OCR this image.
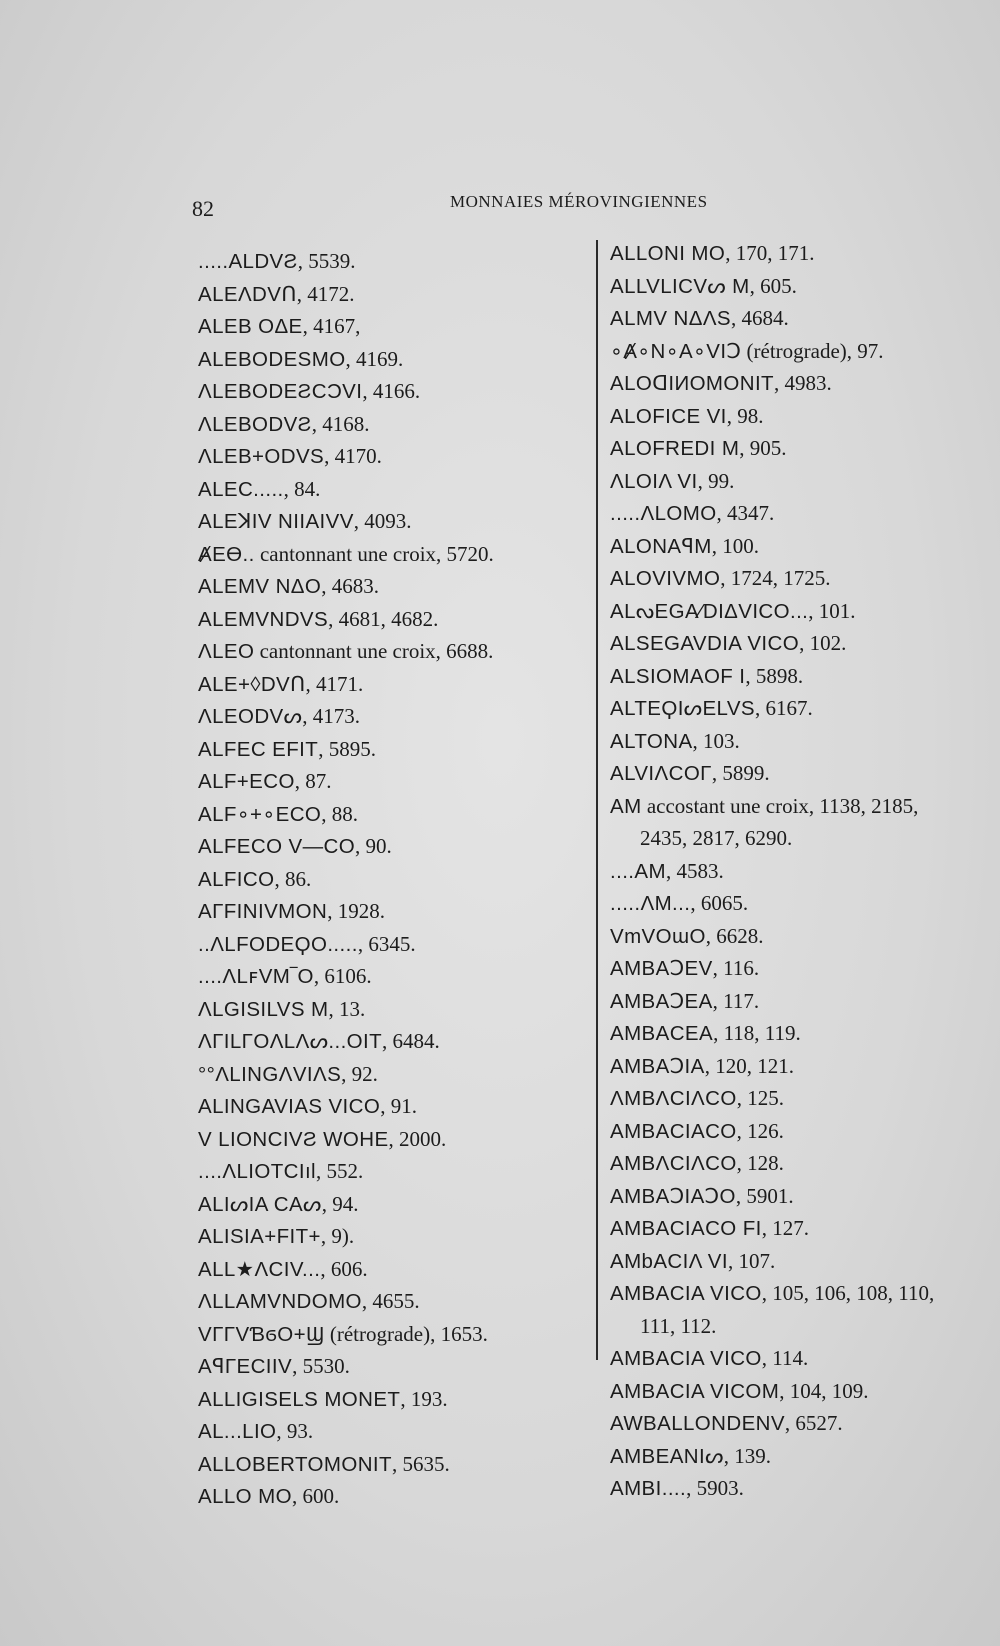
82	MONNAIES MÉROVINGIENNES
.....ALDVƧ, 5539.
ALEΛDVՈ, 4172.
ALEB OΔE, 4167,
ALEBODESMO, 4169.
ΛLEBODEƧϹϽVI, 4166.
ΛLEBODVƧ, 4168.
ΛLEB+ODVS, 4170.
ALEC....., 84.
ALEꓘIV NIIAIVV, 4093.
ȺEϴ.. cantonnant une croix, 5720.
ALEMV NΔO, 4683.
ALEMVNDVS, 4681, 4682.
ΛLEO cantonnant une croix, 6688.
ALE+◊DVՈ, 4171.
ΛLEODVᔕ, 4173.
ALFEC EFIT, 5895.
ALF+ECO, 87.
ALF∘+∘ECO, 88.
ALFECO V—CO, 90.
ALFICO, 86.
AΓFINIVMON, 1928.
..ΛLFODEϘO....., 6345.
....ΛLꜰVM‾O, 6106.
ΛLGISILVS M, 13.
ΛΓILΓOΛLΛᔕ...OIT, 6484.
°°ΛLINGΛVIΛS, 92.
ALINGAVIAS VICO, 91.
V LIONCIVƧ WOHE, 2000.
....ΛLIOTCIıl, 552.
ALIᔕIA CAᔕ, 94.
ALISIA+FIT+, 9).
ALL★ΛCIV..., 606.
ΛLLAMVNDOMO, 4655.
VΓΓVƁϭO+Ϣ (rétrograde), 1653.
AꟼΓECIIV, 5530.
ALLIGISELS MONET, 193.
AL...LIO, 93.
ALLOBERTOMONIT, 5635.
ALLO MO, 600.
ALLONI MO, 170, 171.
ALLVLICVᔕ M, 605.
ALMV NΔΛS, 4684.
∘Ⱥ∘N∘A∘VIꓛ (rétrograde), 97.
ALOꓷIИOMONIT, 4983.
ALOFICE VI, 98.
ALOFREDI M, 905.
ΛLOIΛ VI, 99.
.....ΛLOMO, 4347.
ALONAꟼM, 100.
ALOVIVMO, 1724, 1725.
ALᔓEGA⁄DIΔVICO..., 101.
ALSEGAVDIA VICO, 102.
ALSIOMAOF I, 5898.
ALTEϘIᔕELVS, 6167.
ALTONA, 103.
ALVIΛCOΓ, 5899.
AM accostant une croix, 1138, 2185,
2435, 2817, 6290.
....AM, 4583.
.....ΛM..., 6065.
VmVOɯO, 6628.
AMBAꓛEV, 116.
AMBAꓛEA, 117.
AMBACEA, 118, 119.
AMBAꓛIA, 120, 121.
ΛMBΛCIΛCO, 125.
AMBACIACO, 126.
AMBΛCIΛCO, 128.
AMBAꓛIAꓛO, 5901.
AMBACIACO FI, 127.
AMbACIΛ VI, 107.
AMBACIA VICO, 105, 106, 108, 110,
111, 112.
AMBACIA VICO, 114.
AMBACIA VICOM, 104, 109.
AWBALLONDENV, 6527.
AMBEANIᔕ, 139.
AMBI...., 5903.
